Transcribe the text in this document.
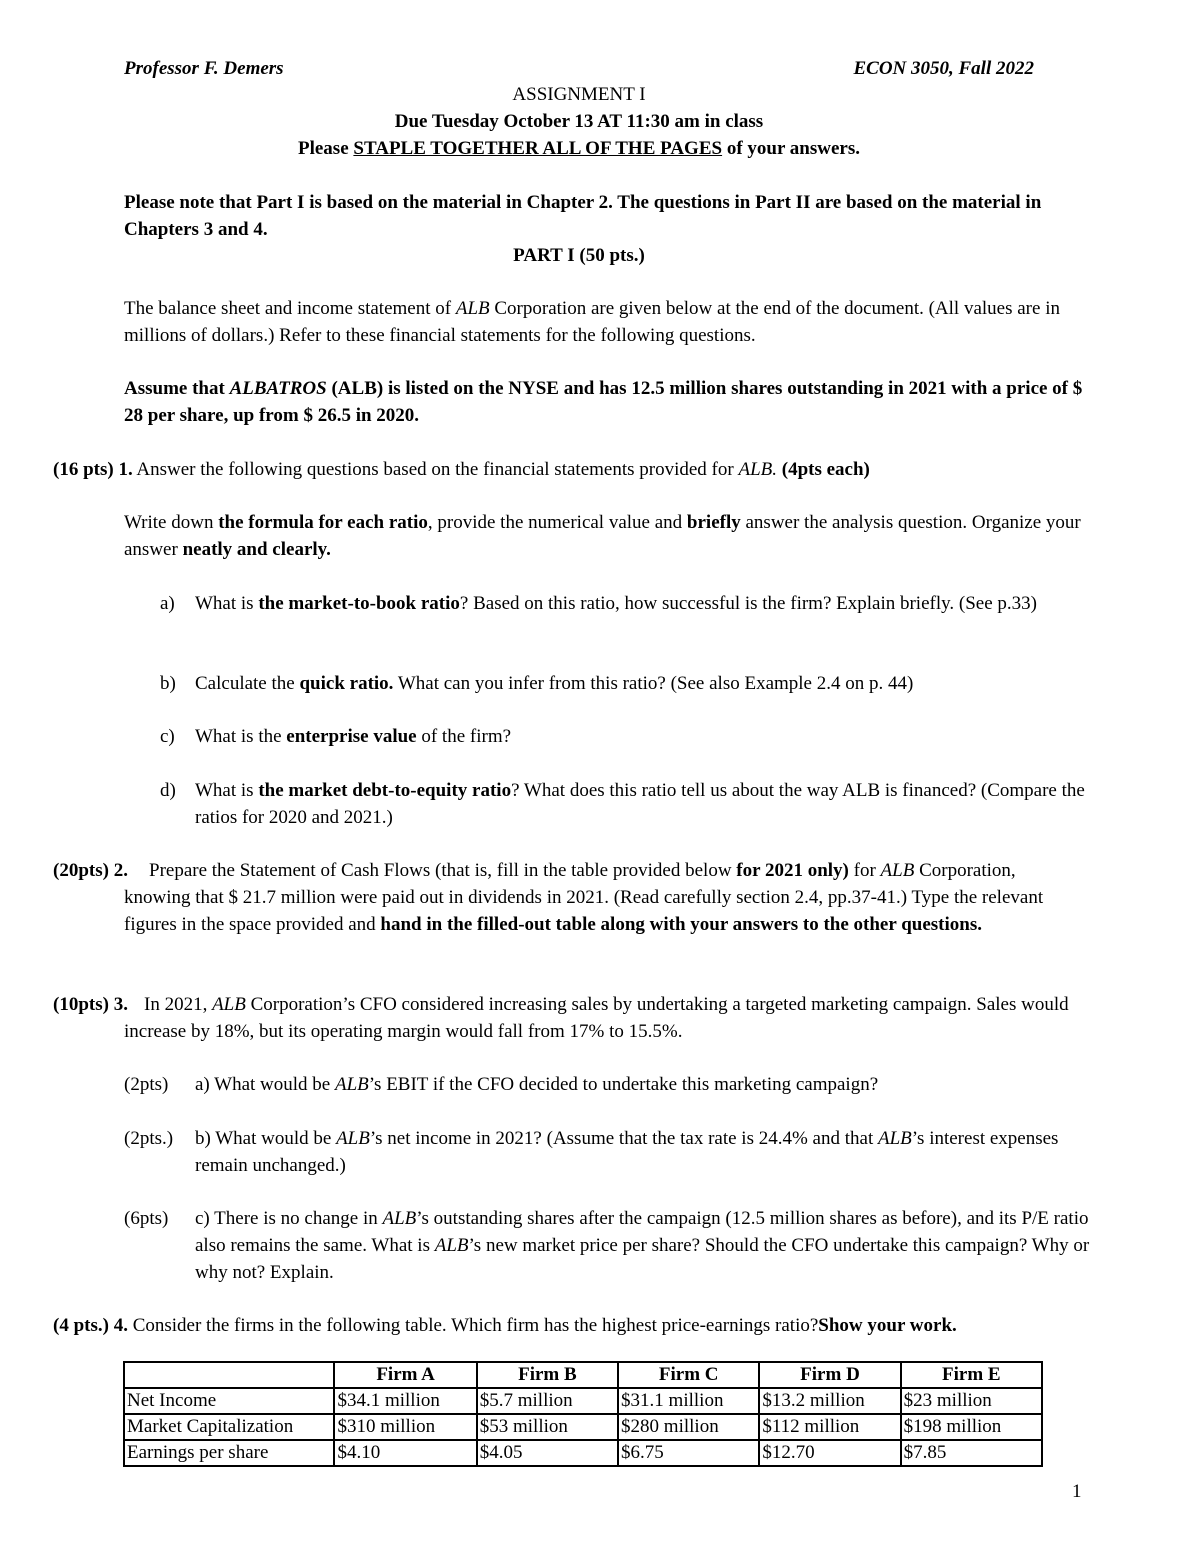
Professor F. Demers	ECON 3050, Fall 2022
ASSIGNMENT I
Due Tuesday October 13 AT 11:30 am in class
Please STAPLE TOGETHER ALL OF THE PAGES of your answers.
Please note that Part I is based on the material in Chapter 2. The questions in Part II are based on the material in Chapters 3 and 4.
PART I (50 pts.)
The balance sheet and income statement of ALB Corporation are given below at the end of the document. (All values are in millions of dollars.) Refer to these financial statements for the following questions.
Assume that ALBATROS (ALB) is listed on the NYSE and has 12.5 million shares outstanding in 2021 with a price of $ 28 per share, up from $ 26.5 in 2020.
(16 pts) 1. Answer the following questions based on the financial statements provided for ALB. (4pts each)
Write down the formula for each ratio, provide the numerical value and briefly answer the analysis question. Organize your answer neatly and clearly.
a) What is the market-to-book ratio? Based on this ratio, how successful is the firm? Explain briefly. (See p.33)
b) Calculate the quick ratio. What can you infer from this ratio? (See also Example 2.4 on p. 44)
c) What is the enterprise value of the firm?
d) What is the market debt-to-equity ratio? What does this ratio tell us about the way ALB is financed? (Compare the ratios for 2020 and 2021.)
(20pts) 2.	Prepare the Statement of Cash Flows (that is, fill in the table provided below for 2021 only) for ALB Corporation, knowing that $ 21.7 million were paid out in dividends in 2021. (Read carefully section 2.4, pp.37-41.) Type the relevant figures in the space provided and hand in the filled-out table along with your answers to the other questions.
(10pts) 3. In 2021, ALB Corporation’s CFO considered increasing sales by undertaking a targeted marketing campaign. Sales would increase by 18%, but its operating margin would fall from 17% to 15.5%.
(2pts) a) What would be ALB’s EBIT if the CFO decided to undertake this marketing campaign?
(2pts.) b) What would be ALB’s net income in 2021? (Assume that the tax rate is 24.4% and that ALB’s interest expenses remain unchanged.)
(6pts) c) There is no change in ALB’s outstanding shares after the campaign (12.5 million shares as before), and its P/E ratio also remains the same. What is ALB’s new market price per share? Should the CFO undertake this campaign? Why or why not? Explain.
(4 pts.) 4. Consider the firms in the following table. Which firm has the highest price-earnings ratio?Show your work.
	Firm A	Firm B	Firm C	Firm D	Firm E
Net Income	$34.1 million	$5.7 million	$31.1 million	$13.2 million	$23 million
Market Capitalization	$310 million	$53 million	$280 million	$112 million	$198 million
Earnings per share	$4.10	$4.05	$6.75	$12.70	$7.85
1
